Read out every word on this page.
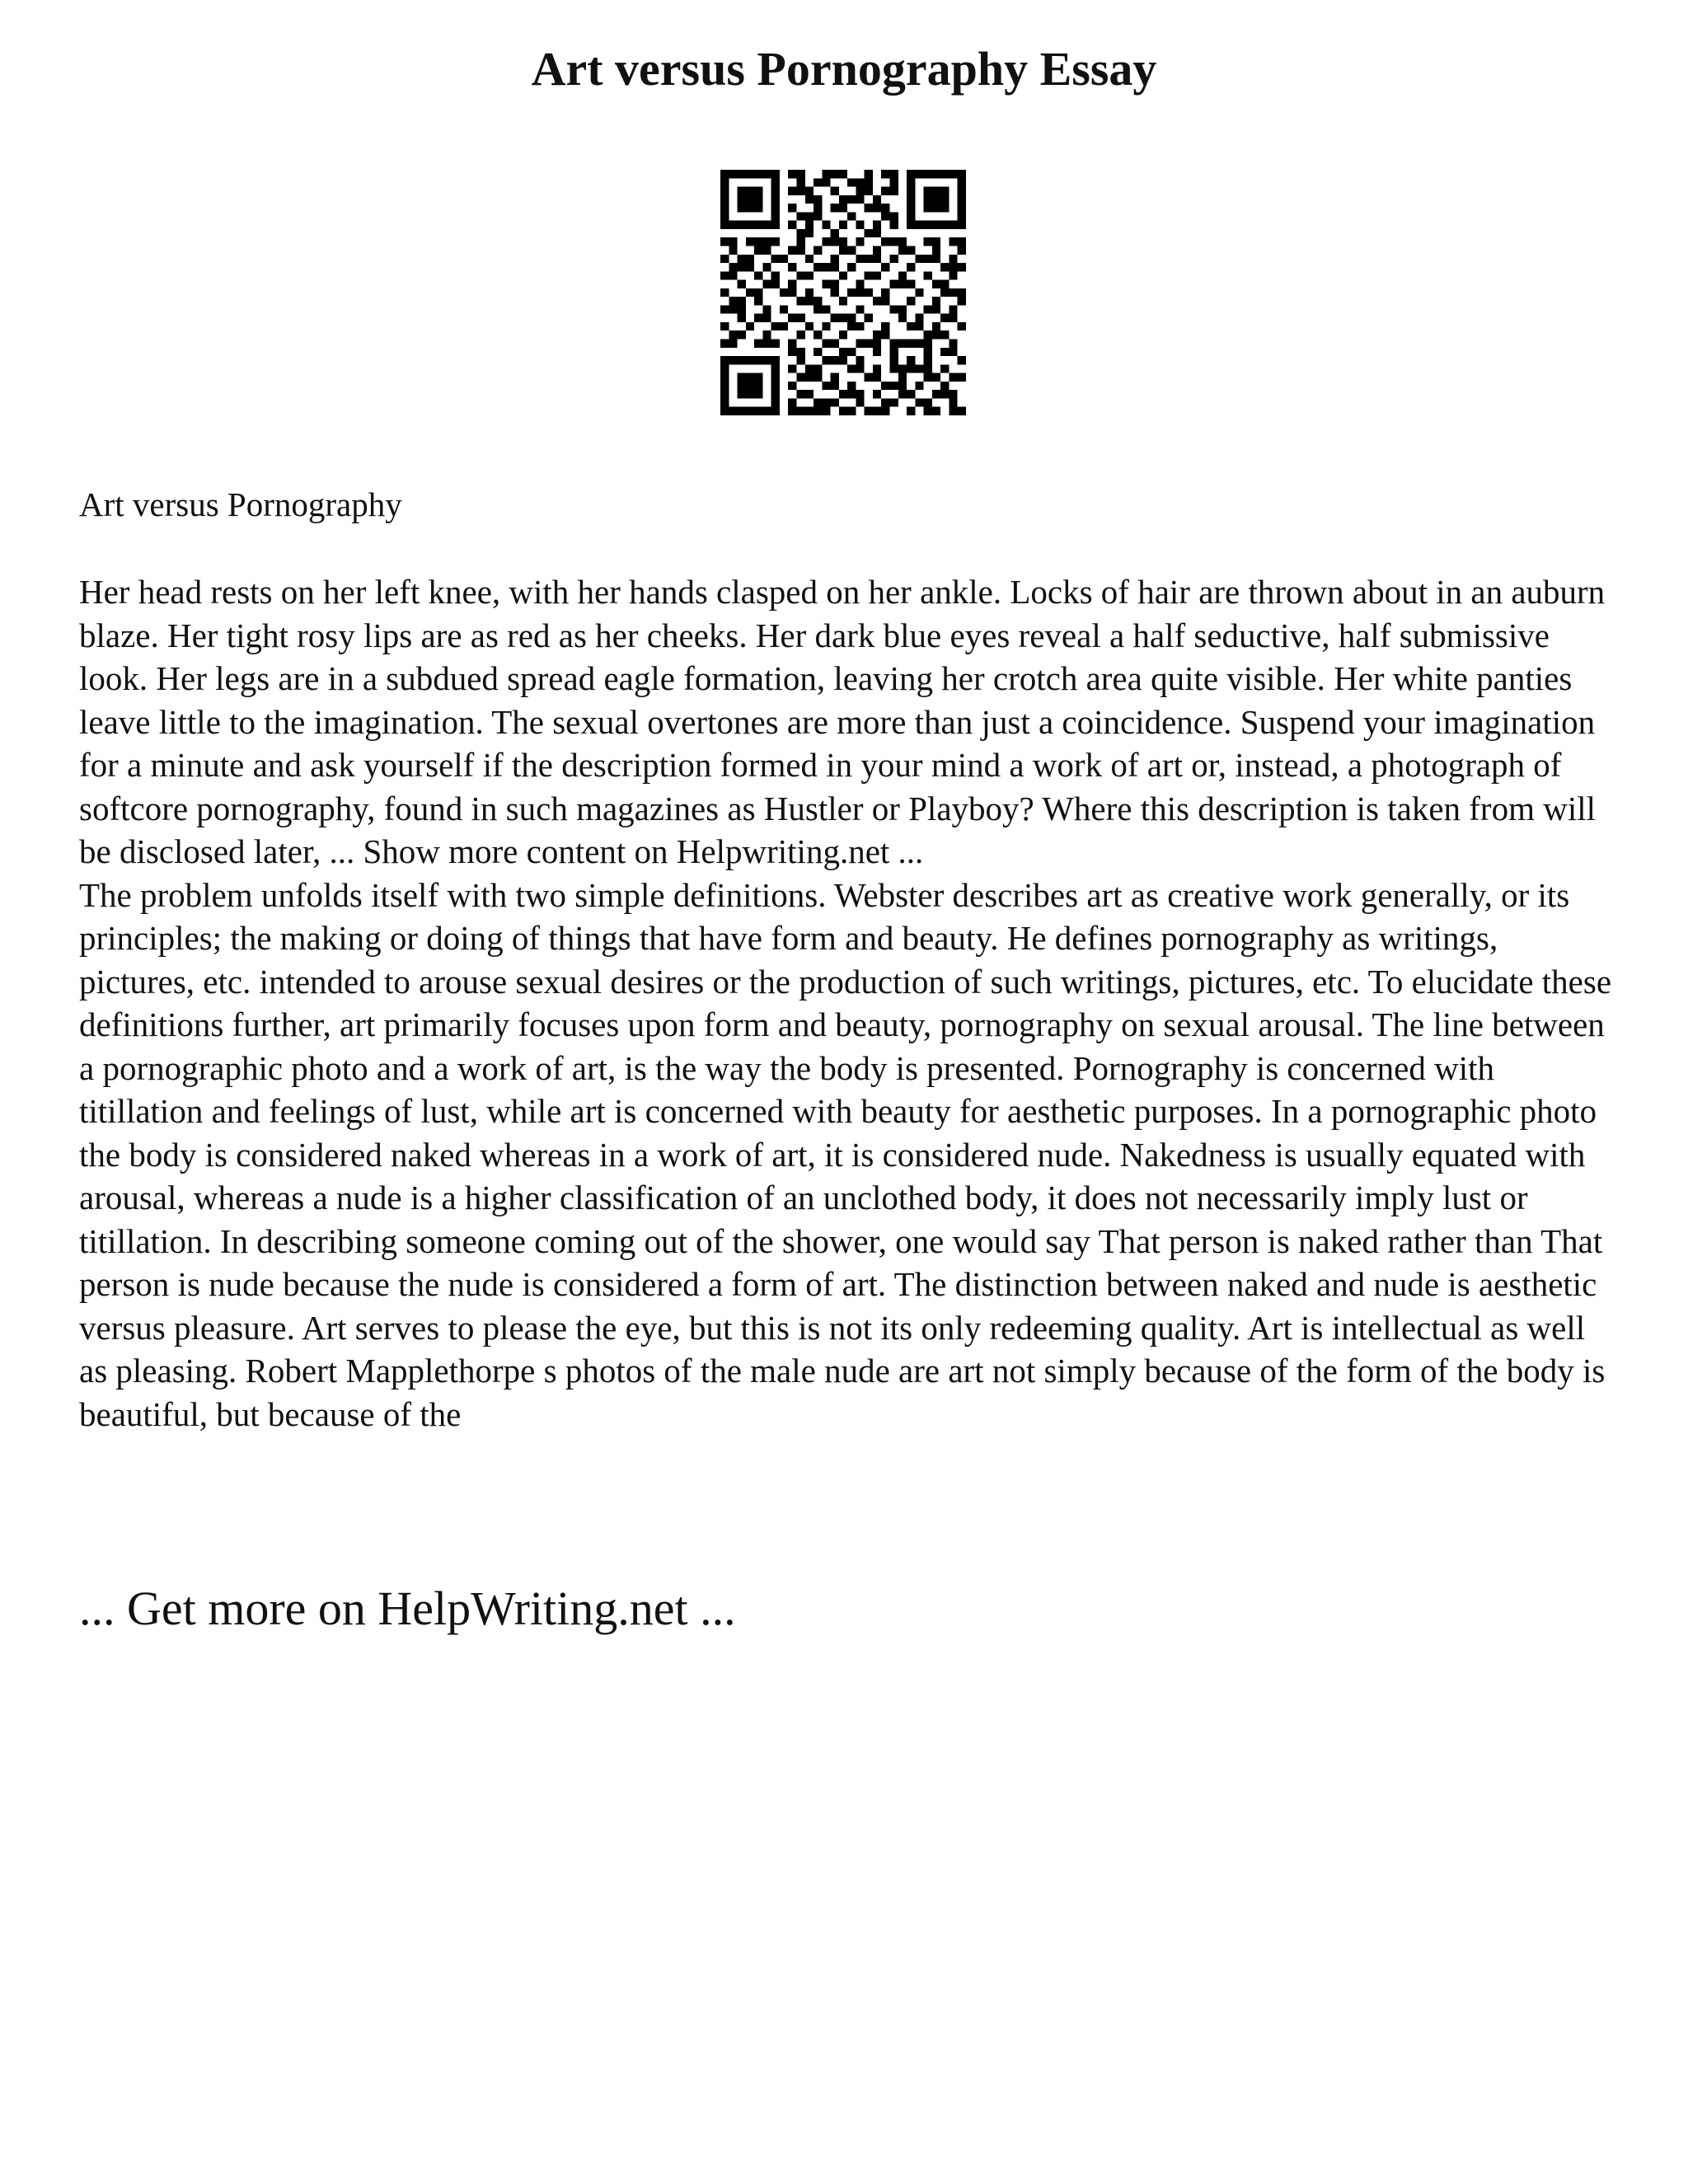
Art versus Pornography Essay

Art versus Pornography

Her head rests on her left knee, with her hands clasped on her ankle. Locks of hair are thrown about in an auburn blaze. Her tight rosy lips are as red as her cheeks. Her dark blue eyes reveal a half seductive, half submissive look. Her legs are in a subdued spread eagle formation, leaving her crotch area quite visible. Her white panties leave little to the imagination. The sexual overtones are more than just a coincidence. Suspend your imagination for a minute and ask yourself if the description formed in your mind a work of art or, instead, a photograph of softcore pornography, found in such magazines as Hustler or Playboy? Where this description is taken from will be disclosed later, ... Show more content on Helpwriting.net ...

The problem unfolds itself with two simple definitions. Webster describes art as creative work generally, or its principles; the making or doing of things that have form and beauty. He defines pornography as writings, pictures, etc. intended to arouse sexual desires or the production of such writings, pictures, etc. To elucidate these definitions further, art primarily focuses upon form and beauty, pornography on sexual arousal. The line between a pornographic photo and a work of art, is the way the body is presented. Pornography is concerned with titillation and feelings of lust, while art is concerned with beauty for aesthetic purposes. In a pornographic photo the body is considered naked whereas in a work of art, it is considered nude. Nakedness is usually equated with arousal, whereas a nude is a higher classification of an unclothed body, it does not necessarily imply lust or titillation. In describing someone coming out of the shower, one would say That person is naked rather than That person is nude because the nude is considered a form of art. The distinction between naked and nude is aesthetic versus pleasure. Art serves to please the eye, but this is not its only redeeming quality. Art is intellectual as well as pleasing. Robert Mapplethorpe s photos of the male nude are art not simply because of the form of the body is beautiful, but because of the

... Get more on HelpWriting.net ...
